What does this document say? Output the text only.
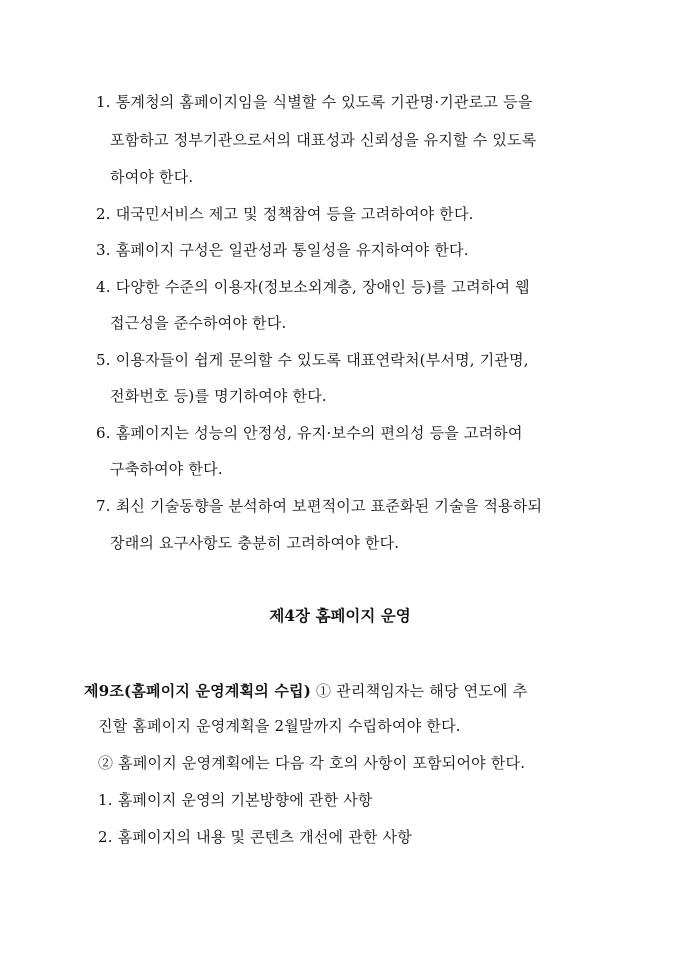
1. 통계청의 홈페이지임을 식별할 수 있도록 기관명·기관로고 등을
포함하고 정부기관으로서의 대표성과 신뢰성을 유지할 수 있도록
하여야 한다.
2. 대국민서비스 제고 및 정책참여 등을 고려하여야 한다.
3. 홈페이지 구성은 일관성과 통일성을 유지하여야 한다.
4. 다양한 수준의 이용자(정보소외계층, 장애인 등)를 고려하여 웹
접근성을 준수하여야 한다.
5. 이용자들이 쉽게 문의할 수 있도록 대표연락처(부서명, 기관명,
전화번호 등)를 명기하여야 한다.
6. 홈페이지는 성능의 안정성, 유지·보수의 편의성 등을 고려하여
구축하여야 한다.
7. 최신 기술동향을 분석하여 보편적이고 표준화된 기술을 적용하되
장래의 요구사항도 충분히 고려하여야 한다.
제4장 홈페이지 운영
제9조(홈페이지 운영계획의 수립) ① 관리책임자는 해당 연도에 추
진할 홈페이지 운영계획을 2월말까지 수립하여야 한다.
② 홈페이지 운영계획에는 다음 각 호의 사항이 포함되어야 한다.
1. 홈페이지 운영의 기본방향에 관한 사항
2. 홈페이지의 내용 및 콘텐츠 개선에 관한 사항
